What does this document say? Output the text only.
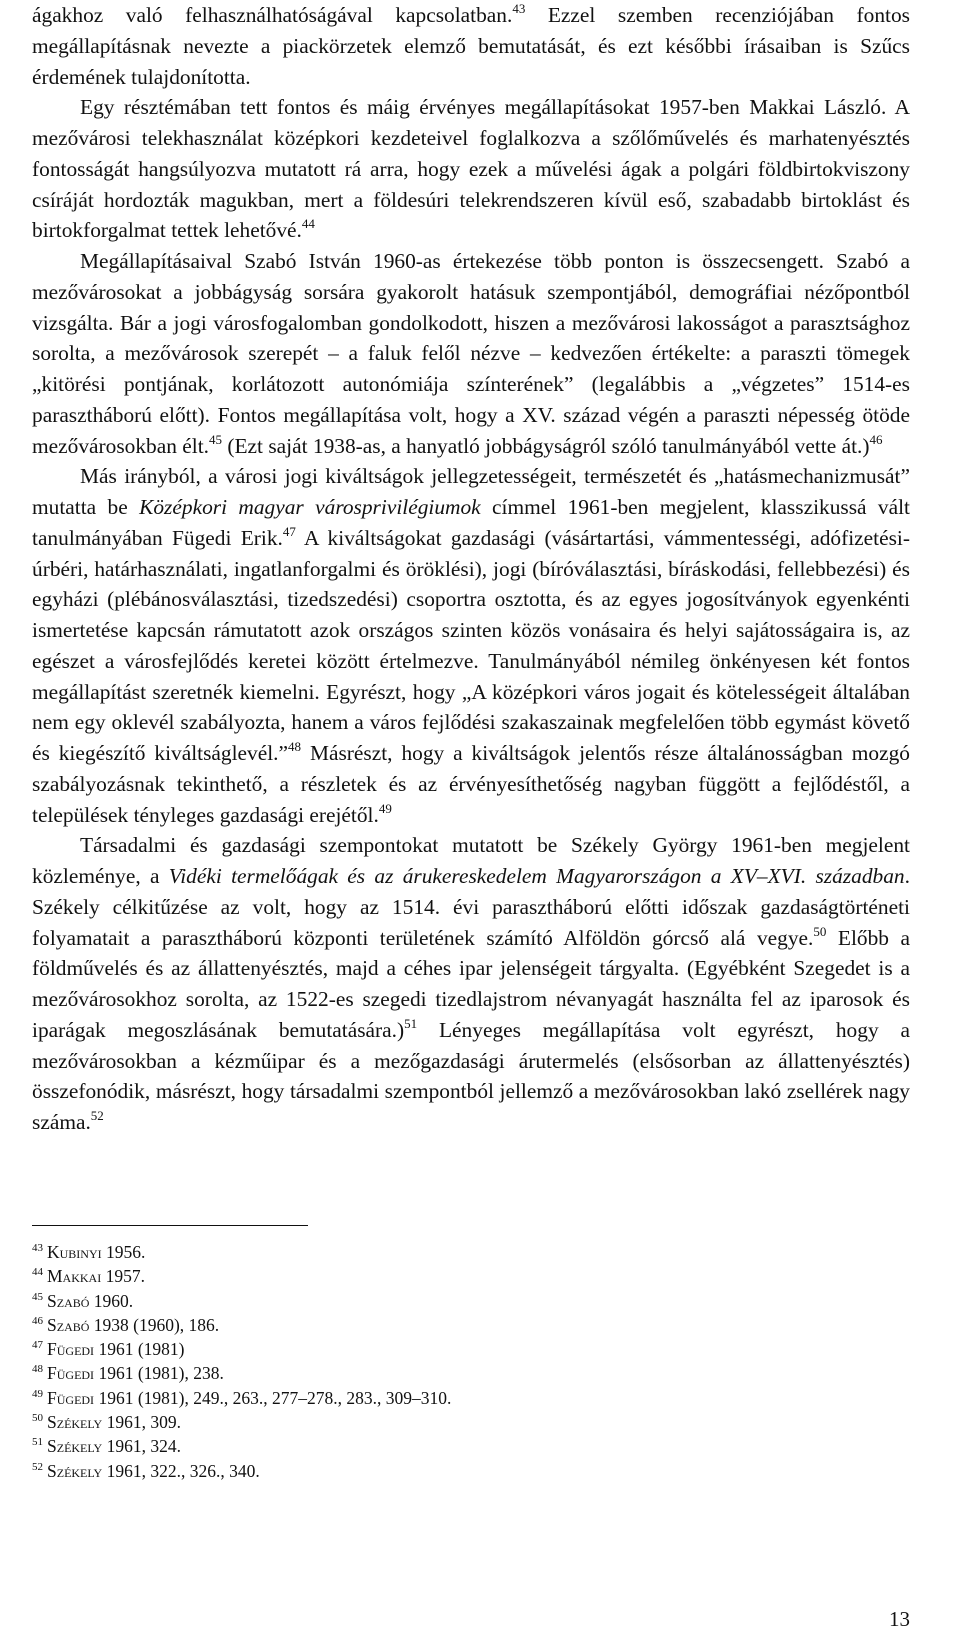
ágakhoz való felhasználhatóságával kapcsolatban.$^{43}$ Ezzel szemben recenziójában fontos megállapításnak nevezte a piackörzetek elemző bemutatását, és ezt későbbi írásaiban is Szűcs érdemének tulajdonította.

Egy résztémában tett fontos és máig érvényes megállapításokat 1957-ben Makkai László. A mezővárosi telekhasználat középkori kezdeteivel foglalkozva a szőlőművelés és marhatenyésztés fontosságát hangsúlyozva mutatott rá arra, hogy ezek a művelési ágak a polgári földbirtokviszony csíráját hordozták magukban, mert a földesúri telekrendszeren kívül eső, szabadabb birtoklást és birtokforgalmat tettek lehetővé.$^{44}$

Megállapításaival Szabó István 1960-as értekezése több ponton is összecsengett. Szabó a mezővárosokat a jobbágyság sorsára gyakorolt hatásuk szempontjából, demográfiai nézőpontból vizsgálta. Bár a jogi városfogalomban gondolkodott, hiszen a mezővárosi lakosságot a parasztsághoz sorolta, a mezővárosok szerepét – a faluk felől nézve – kedvezően értékelte: a paraszti tömegek „kitörési pontjának, korlátozott autonómiája színterének” (legalábbis a „végzetes” 1514-es parasztháború előtt). Fontos megállapítása volt, hogy a XV. század végén a paraszti népesség ötöde mezővárosokban élt.$^{45}$ (Ezt saját 1938-as, a hanyatló jobbágyságról szóló tanulmányából vette át.)$^{46}$

Más irányból, a városi jogi kiváltságok jellegzetességeit, természetét és „hatásmechanizmusát” mutatta be Középkori magyar városprivilégiumok címmel 1961-ben megjelent, klasszikussá vált tanulmányában Fügedi Erik.$^{47}$ A kiváltságokat gazdasági (vásártartási, vámmentességi, adófizetési-úrbéri, határhasználati, ingatlanforgalmi és öröklési), jogi (bíróválasztási, bíráskodási, fellebbezési) és egyházi (plébánosválasztási, tizedszedési) csoportra osztotta, és az egyes jogosítványok egyenkénti ismertetése kapcsán rámutatott azok országos szinten közös vonásaira és helyi sajátosságaira is, az egészet a városfejlődés keretei között értelmezve. Tanulmányából némileg önkényesen két fontos megállapítást szeretnék kiemelni. Egyrészt, hogy „A középkori város jogait és kötelességeit általában nem egy oklevél szabályozta, hanem a város fejlődési szakaszainak megfelelően több egymást követő és kiegészítő kiváltságlevél.”$^{48}$ Másrészt, hogy a kiváltságok jelentős része általánosságban mozgó szabályozásnak tekinthető, a részletek és az érvényesíthetőség nagyban függött a fejlődéstől, a települések tényleges gazdasági erejétől.$^{49}$

Társadalmi és gazdasági szempontokat mutatott be Székely György 1961-ben megjelent közleménye, a Vidéki termelőágak és az árukereskedelem Magyarországon a XV–XVI. században. Székely célkitűzése az volt, hogy az 1514. évi parasztháború előtti időszak gazdaságtörténeti folyamatait a parasztháború központi területének számító Alföldön górcső alá vegye.$^{50}$ Előbb a földművelés és az állattenyésztés, majd a céhes ipar jelenségeit tárgyalta. (Egyébként Szegedet is a mezővárosokhoz sorolta, az 1522-es szegedi tizedlajstrom névanyagát használta fel az iparosok és iparágak megoszlásának bemutatására.)$^{51}$ Lényeges megállapítása volt egyrészt, hogy a mezővárosokban a kézműipar és a mezőgazdasági árutermelés (elsősorban az állattenyésztés) összefonódik, másrészt, hogy társadalmi szempontból jellemző a mezővárosokban lakó zsellérek nagy száma.$^{52}$

$^{43}$ Kubinyi 1956.
$^{44}$ Makkai 1957.
$^{45}$ Szabó 1960.
$^{46}$ Szabó 1938 (1960), 186.
$^{47}$ Fügedi 1961 (1981)
$^{48}$ Fügedi 1961 (1981), 238.
$^{49}$ Fügedi 1961 (1981), 249., 263., 277–278., 283., 309–310.
$^{50}$ Székely 1961, 309.
$^{51}$ Székely 1961, 324.
$^{52}$ Székely 1961, 322., 326., 340.
13
